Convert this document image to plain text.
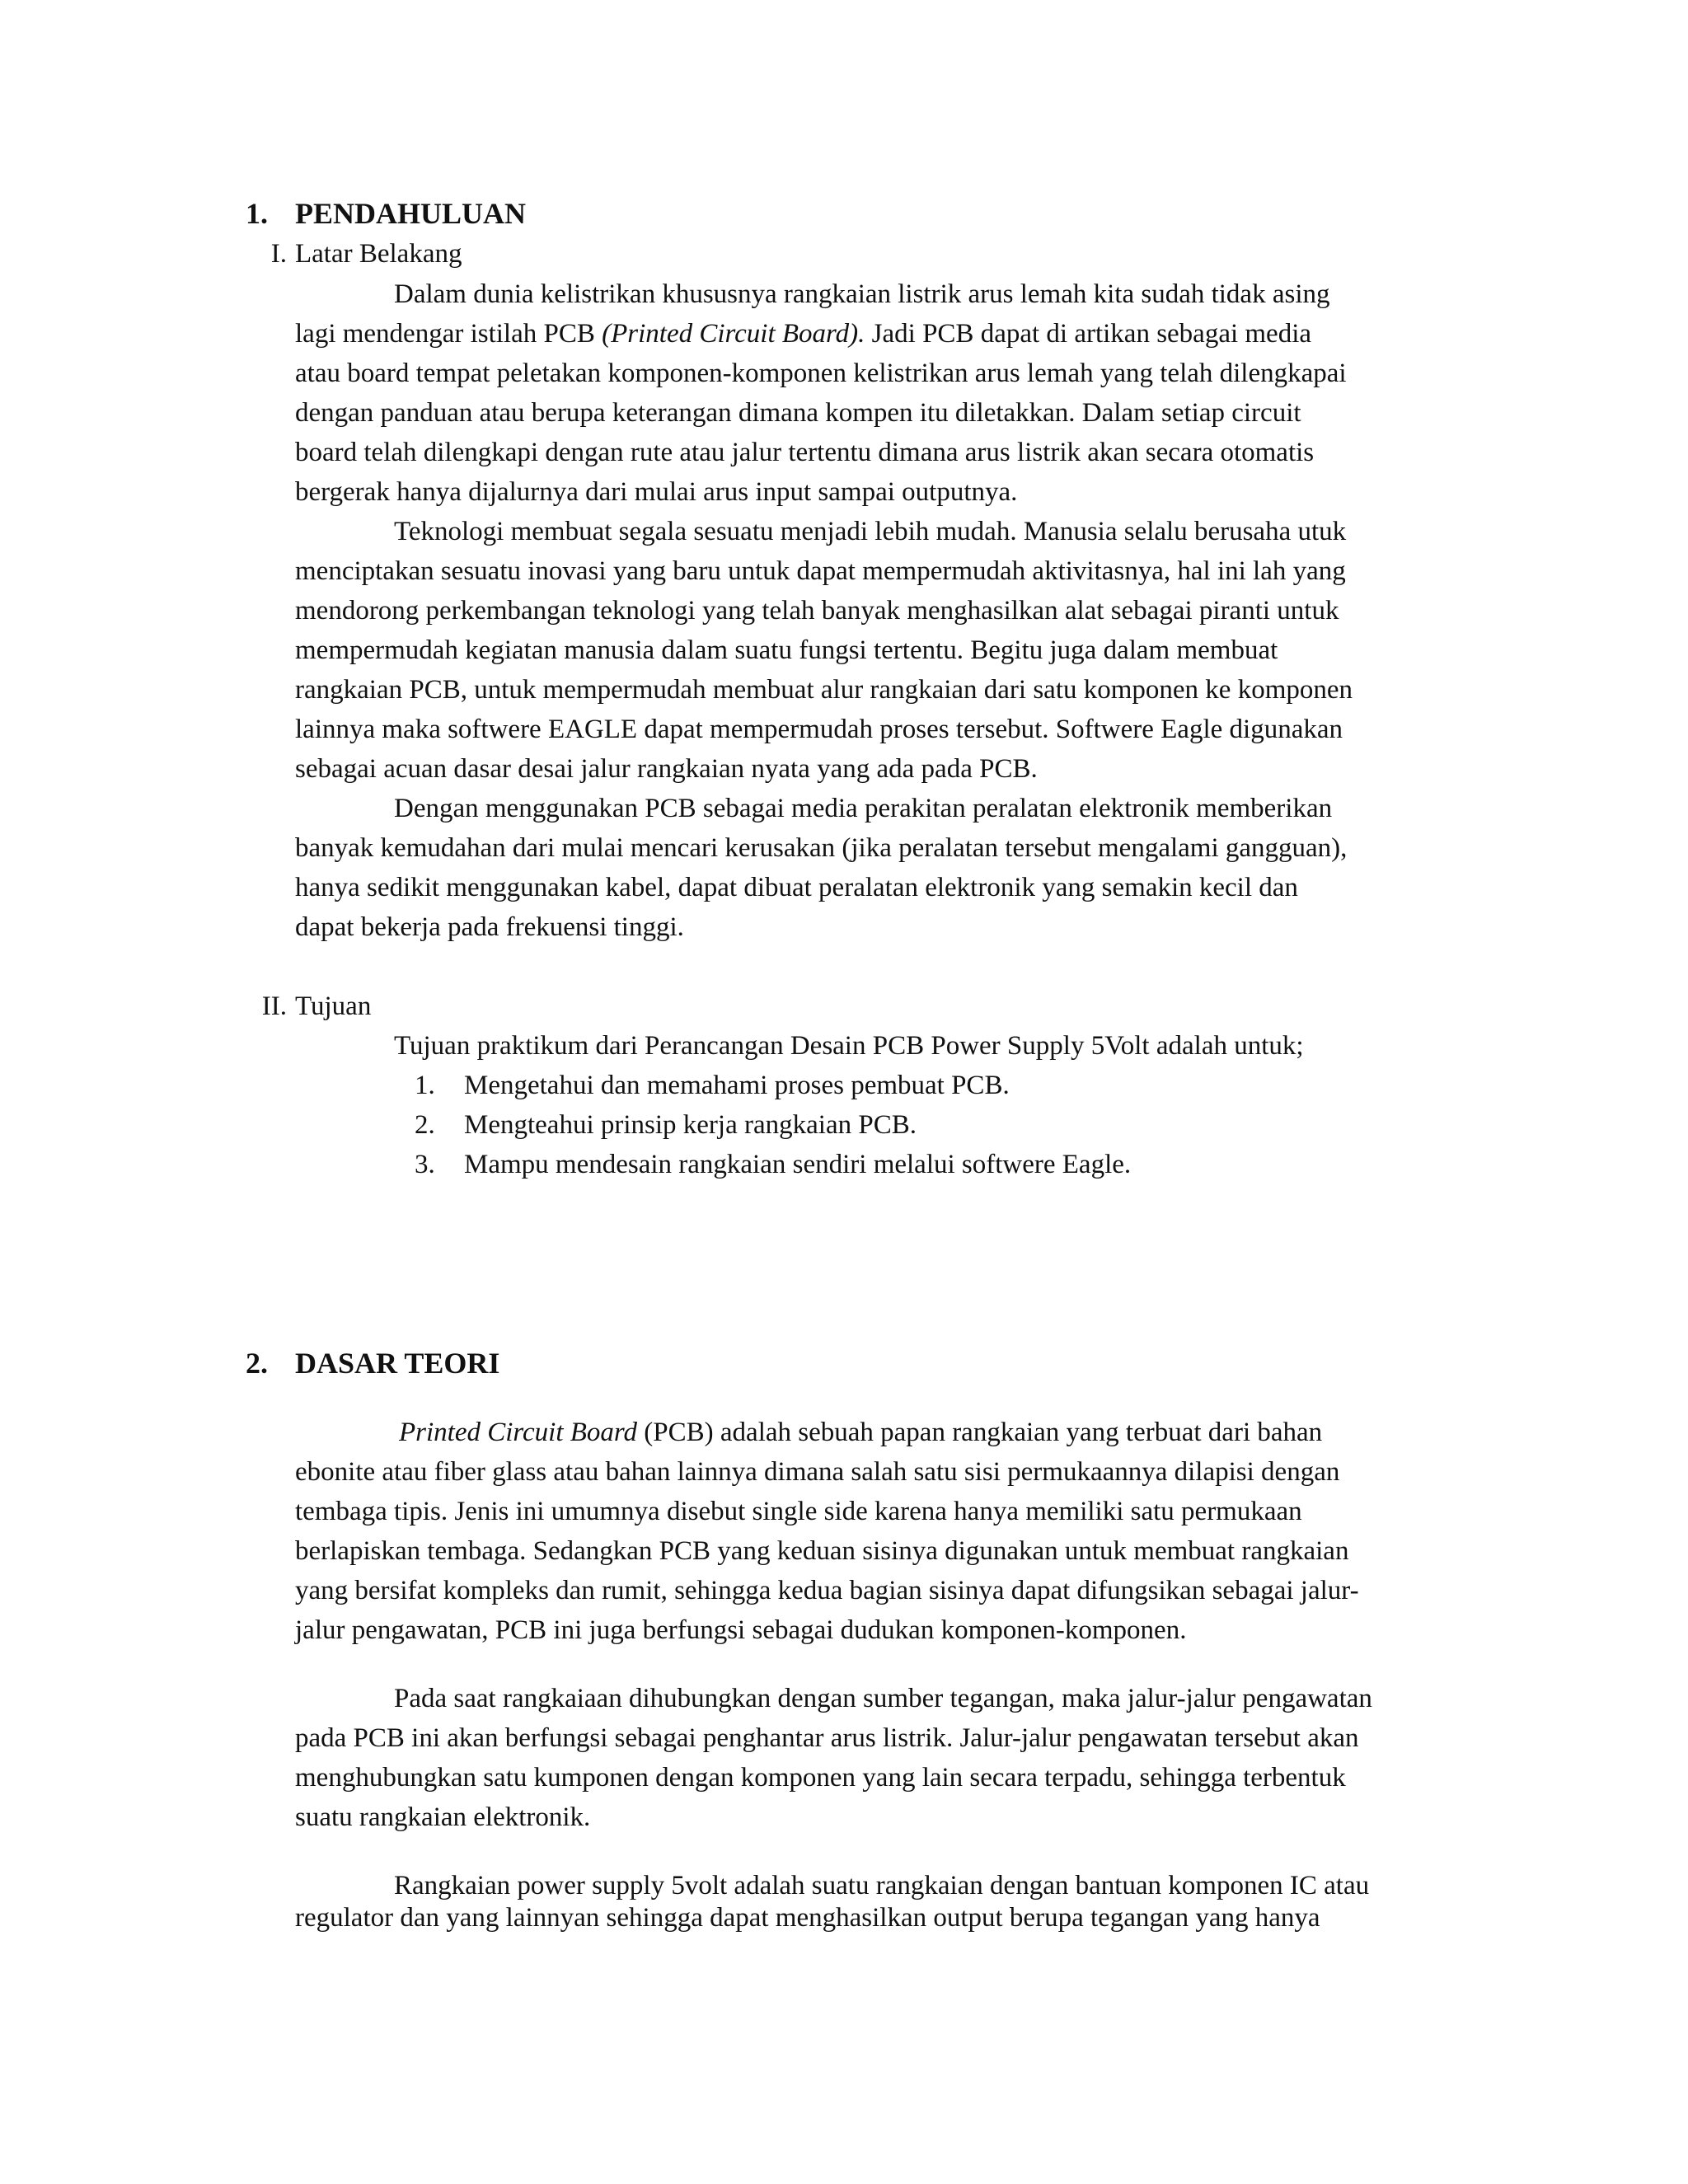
1. PENDAHULUAN
I. Latar Belakang
Dalam dunia kelistrikan khususnya rangkaian listrik arus lemah kita sudah tidak asing
lagi mendengar istilah PCB (Printed Circuit Board). Jadi PCB dapat di artikan sebagai media
atau board tempat peletakan komponen-komponen kelistrikan arus lemah yang telah dilengkapai
dengan panduan atau berupa keterangan dimana kompen itu diletakkan. Dalam setiap circuit
board telah dilengkapi dengan rute atau jalur tertentu dimana arus listrik akan secara otomatis
bergerak hanya dijalurnya dari mulai arus input sampai outputnya.
Teknologi membuat segala sesuatu menjadi lebih mudah. Manusia selalu berusaha utuk
menciptakan sesuatu inovasi yang baru untuk dapat mempermudah aktivitasnya, hal ini lah yang
mendorong perkembangan teknologi yang telah banyak menghasilkan alat sebagai piranti untuk
mempermudah kegiatan manusia dalam suatu fungsi tertentu. Begitu juga dalam membuat
rangkaian PCB, untuk mempermudah membuat alur rangkaian dari satu komponen ke komponen
lainnya maka softwere EAGLE dapat mempermudah proses tersebut. Softwere Eagle digunakan
sebagai acuan dasar desai jalur rangkaian nyata yang ada pada PCB.
Dengan menggunakan PCB sebagai media perakitan peralatan elektronik memberikan
banyak kemudahan dari mulai mencari kerusakan (jika peralatan tersebut mengalami gangguan),
hanya sedikit menggunakan kabel, dapat dibuat peralatan elektronik yang semakin kecil dan
dapat bekerja pada frekuensi tinggi.
II. Tujuan
Tujuan praktikum dari Perancangan Desain PCB Power Supply 5Volt adalah untuk;
1. Mengetahui dan memahami proses pembuat PCB.
2. Mengteahui prinsip kerja rangkaian PCB.
3. Mampu mendesain rangkaian sendiri melalui softwere Eagle.
2. DASAR TEORI
Printed Circuit Board (PCB) adalah sebuah papan rangkaian yang terbuat dari bahan
ebonite atau fiber glass atau bahan lainnya dimana salah satu sisi permukaannya dilapisi dengan
tembaga tipis. Jenis ini umumnya disebut single side karena hanya memiliki satu permukaan
berlapiskan tembaga. Sedangkan PCB yang keduan sisinya digunakan untuk membuat rangkaian
yang bersifat kompleks dan rumit, sehingga kedua bagian sisinya dapat difungsikan sebagai jalur-
jalur pengawatan, PCB ini juga berfungsi sebagai dudukan komponen-komponen.
Pada saat rangkaiaan dihubungkan dengan sumber tegangan, maka jalur-jalur pengawatan
pada PCB ini akan berfungsi sebagai penghantar arus listrik. Jalur-jalur pengawatan tersebut akan
menghubungkan satu kumponen dengan komponen yang lain secara terpadu, sehingga terbentuk
suatu rangkaian elektronik.
Rangkaian power supply 5volt adalah suatu rangkaian dengan bantuan komponen IC atau
regulator dan yang lainnyan sehingga dapat menghasilkan output berupa tegangan yang hanya
